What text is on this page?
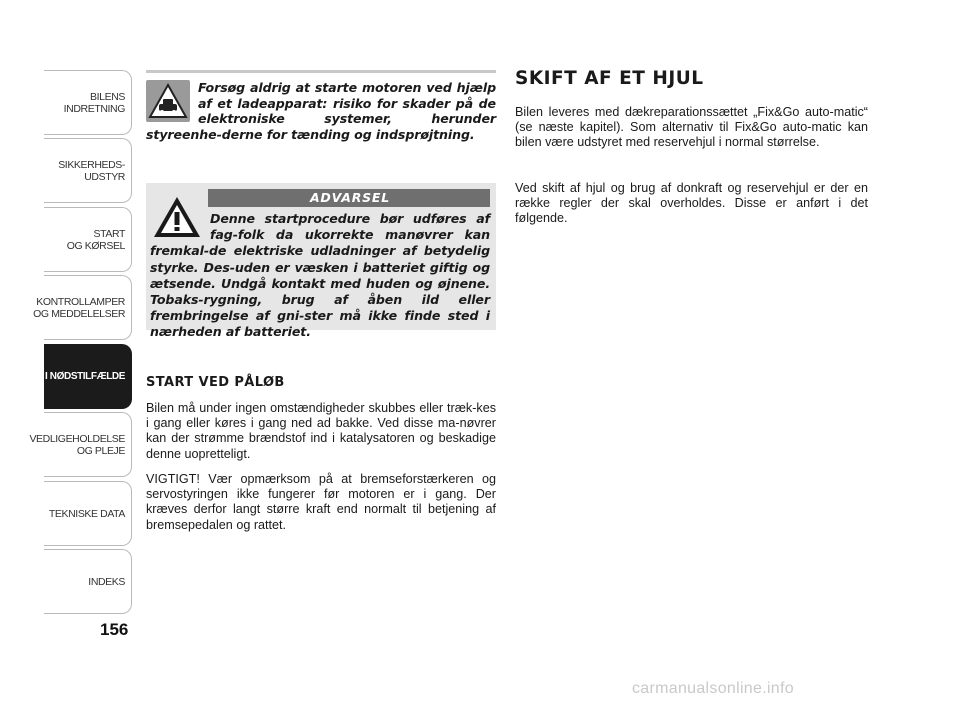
BILENS
INDRETNING
SIKKERHEDS-
UDSTYR
START
OG KØRSEL
KONTROLLAMPER
OG MEDDELELSER
I NØDSTILFÆLDE
VEDLIGEHOLDELSE
OG PLEJE
TEKNISKE DATA
INDEKS
156
Forsøg aldrig at starte motoren ved hjælp af et ladeapparat: risiko for skader på de elektroniske systemer, herunder styreenhe-derne for tænding og indsprøjtning.
ADVARSEL
Denne startprocedure bør udføres af fag-folk da ukorrekte manøvrer kan fremkal-de elektriske udladninger af betydelig styrke. Des-uden er væsken i batteriet giftig og ætsende. Undgå kontakt med huden og øjnene. Tobaks-rygning, brug af åben ild eller frembringelse af gni-ster må ikke finde sted i nærheden af batteriet.
START VED PÅLØB

Bilen må under ingen omstændigheder skubbes eller træk-kes i gang eller køres i gang ned ad bakke. Ved disse ma-nøvrer kan der strømme brændstof ind i katalysatoren og beskadige denne uopretteligt.

VIGTIGT! Vær opmærksom på at bremseforstærkeren og servostyringen ikke fungerer før motoren er i gang. Der kræves derfor langt større kraft end normalt til betjening af bremsepedalen og rattet.

SKIFT AF ET HJUL

Bilen leveres med dækreparationssættet „Fix&Go auto-matic“ (se næste kapitel). Som alternativ til Fix&Go auto-matic kan bilen være udstyret med reservehjul i normal størrelse.

Ved skift af hjul og brug af donkraft og reservehjul er der en række regler der skal overholdes. Disse er anført i det følgende.

carmanualsonline.info
